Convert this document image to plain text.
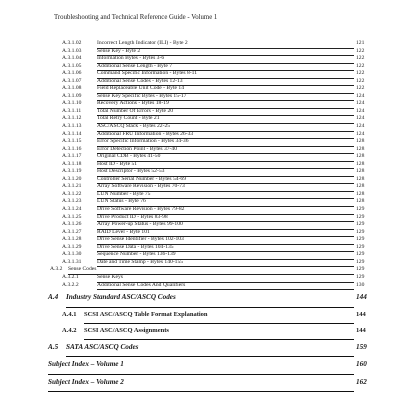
Troubleshooting and Technical Reference Guide - Volume 1
A.3.1.02	Incorrect Length Indicator (ILI) - Byte 2	121
A.3.1.03	Sense Key - Byte 2	122
A.3.1.04	Information Bytes - Bytes 3-6	122
A.3.1.05	Additional Sense Length - Byte 7	122
A.3.1.06	Command Specific Information - Bytes 8-11	122
A.3.1.07	Additional Sense Codes - Bytes 12-13	122
A.3.1.08	Field Replaceable Unit Code - Byte 14	122
A.3.1.09	Sense Key Specific Bytes - Bytes 15-17	124
A.3.1.10	Recovery Actions - Bytes 18-19	124
A.3.1.11	Total Number Of Errors - Byte 20	124
A.3.1.12	Total Retry Count - Byte 21	124
A.3.1.13	ASC/ASCQ Stack - Bytes 22-25	124
A.3.1.14	Additional FRU Information - Bytes 26-33	124
A.3.1.15	Error Specific Information - Bytes 34-36	128
A.3.1.16	Error Detection Point - Bytes 37-40	128
A.3.1.17	Original CDB - Bytes 41-50	128
A.3.1.18	Host ID - Byte 51	128
A.3.1.19	Host Descriptor - Bytes 52-53	128
A.3.1.20	Controller Serial Number - Bytes 54-69	128
A.3.1.21	Array Software Revision - Bytes 70-73	128
A.3.1.22	LUN Number - Byte 75	128
A.3.1.23	LUN Status - Byte 76	128
A.3.1.24	Drive Software Revision - Bytes 79-82	129
A.3.1.25	Drive Product ID - Bytes 83-98	129
A.3.1.26	Array Power-up Status - Bytes 99-100	129
A.3.1.27	RAID Level - Byte 101	129
A.3.1.28	Drive Sense Identifier - Bytes 102-103	129
A.3.1.29	Drive Sense Data - Bytes 104-135	129
A.3.1.30	Sequence Number - Bytes 136-139	129
A.3.1.31	Date and Time Stamp - Bytes 140-155	129
A.3.2 Sense Codes	129
A.3.2.1	Sense Keys	129
A.3.2.2	Additional Sense Codes And Qualifiers	130
A.4 Industry Standard ASC/ASCQ Codes	144
A.4.1 SCSI ASC/ASCQ Table Format Explanation	144
A.4.2 SCSI ASC/ASCQ Assignments	144
A.5 SATA ASC/ASCQ Codes	159
Subject Index – Volume 1	160
Subject Index – Volume 2	162
